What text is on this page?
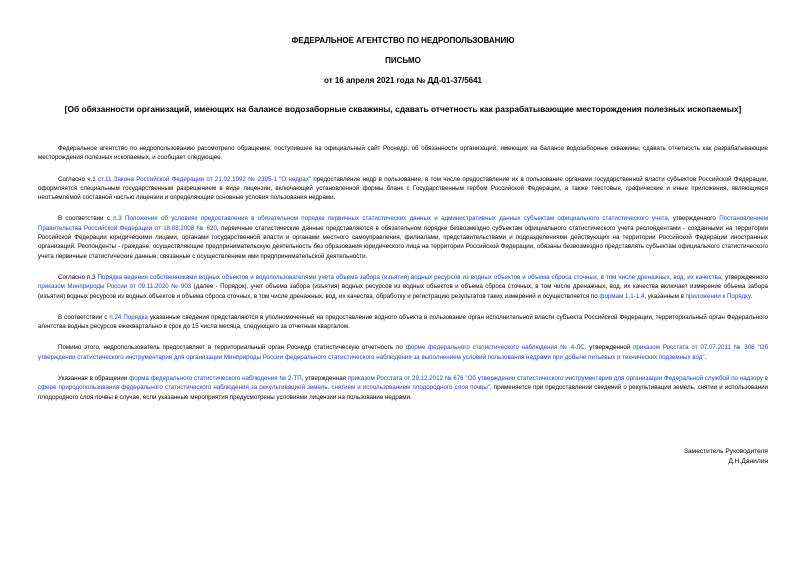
ФЕДЕРАЛЬНОЕ АГЕНТСТВО ПО НЕДРОПОЛЬЗОВАНИЮ
ПИСЬМО
от 16 апреля 2021 года № ДД-01-37/5641
[Об обязанности организаций, имеющих на балансе водозаборные скважины, сдавать отчетность как разрабатывающие месторождения полезных ископаемых]

Федеральное агентство по недропользованию рассмотрело обращение, поступившее на официальный сайт Роснедр, об обязанности организаций, имеющих на балансе водозаборные скважины, сдавать отчетность как разрабатывающие месторождения полезных ископаемых, и сообщает следующее.

Согласно ч.1 ст.11 Закона Российской Федерации от 21.02.1992 № 2395-1 "О недрах" предоставление недр в пользование, в том числе предоставление их в пользование органами государственной власти субъектов Российской Федерации, оформляется специальным государственным разрешением в виде лицензии, включающей установленной формы бланк с Государственным гербом Российской Федерации, а также текстовые, графические и иные приложения, являющиеся неотъемлемой составной частью лицензии и определяющие основные условия пользования недрами.

В соответствии с п.3 Положения об условиях предоставления в обязательном порядке первичных статистических данных и административных данных субъектам официального статистического учета, утвержденного Постановлением Правительства Российской Федерации от 18.08.2008 № 620, первичные статистические данные представляются в обязательном порядке безвозмездно субъектам официального статистического учета респондентами - созданными на территории Российской Федерации юридическими лицами, органами государственной власти и органами местного самоуправления, филиалами, представительствами и подразделениями действующих на территории Российской Федерации иностранных организаций. Респонденты - граждане, осуществляющие предпринимательскую деятельность без образования юридического лица на территории Российской Федерации, обязаны безвозмездно представлять субъектам официального статистического учета первичные статистические данные, связанные с осуществлением ими предпринимательской деятельности.

Согласно п.3 Порядка ведения собственниками водных объектов и водопользователями учета объема забора (изъятия) водных ресурсов из водных объектов и объема сброса сточных, в том числе дренажных, вод, их качества, утвержденного приказом Минприроды России от 09.11.2020 № 903 (далее - Порядок), учет объема забора (изъятия) водных ресурсов из водных объектов и объема сброса сточных, в том числе дренажных, вод, их качества включает измерение объема забора (изъятия) водных ресурсов из водных объектов и объема сброса сточных, в том числе дренажных, вод, их качества, обработку и регистрацию результатов таких измерений и осуществляется по формам 1.1-1.4, указанным в приложении к Порядку.

В соответствии с п.24 Порядка указанные сведения представляются в уполномоченный на предоставление водного объекта в пользование орган исполнительной власти субъекта Российской Федерации, территориальный орган Федерального агентства водных ресурсов ежеквартально в срок до 15 числа месяца, следующего за отчетным кварталом.

Помимо этого, недропользователь предоставляет в территориальный орган Роснедр статистическую отчетность по форме федерального статистического наблюдения № 4-ЛС, утвержденной приказом Росстата от 07.07.2011 № 308 "Об утверждении статистического инструментария для организации Минприроды России федерального статистического наблюдения за выполнением условий пользования недрами при добыче питьевых и технических подземных вод".

Указанная в обращении форма федерального статистического наблюдения № 2-ТП, утвержденная приказом Росстата от 29.12.2012 № 676 "Об утверждении статистического инструментария для организации Федеральной службой по надзору в сфере природопользования федерального статистического наблюдения за рекультивацией земель, снятием и использованием плодородного слоя почвы", применяется при предоставлении сведений о рекультивации земель, снятии и использовании плодородного слоя почвы в случае, если указанные мероприятия предусмотрены условиями лицензии на пользование недрами.

Заместитель Руководителя
Д.Н.Данилин
